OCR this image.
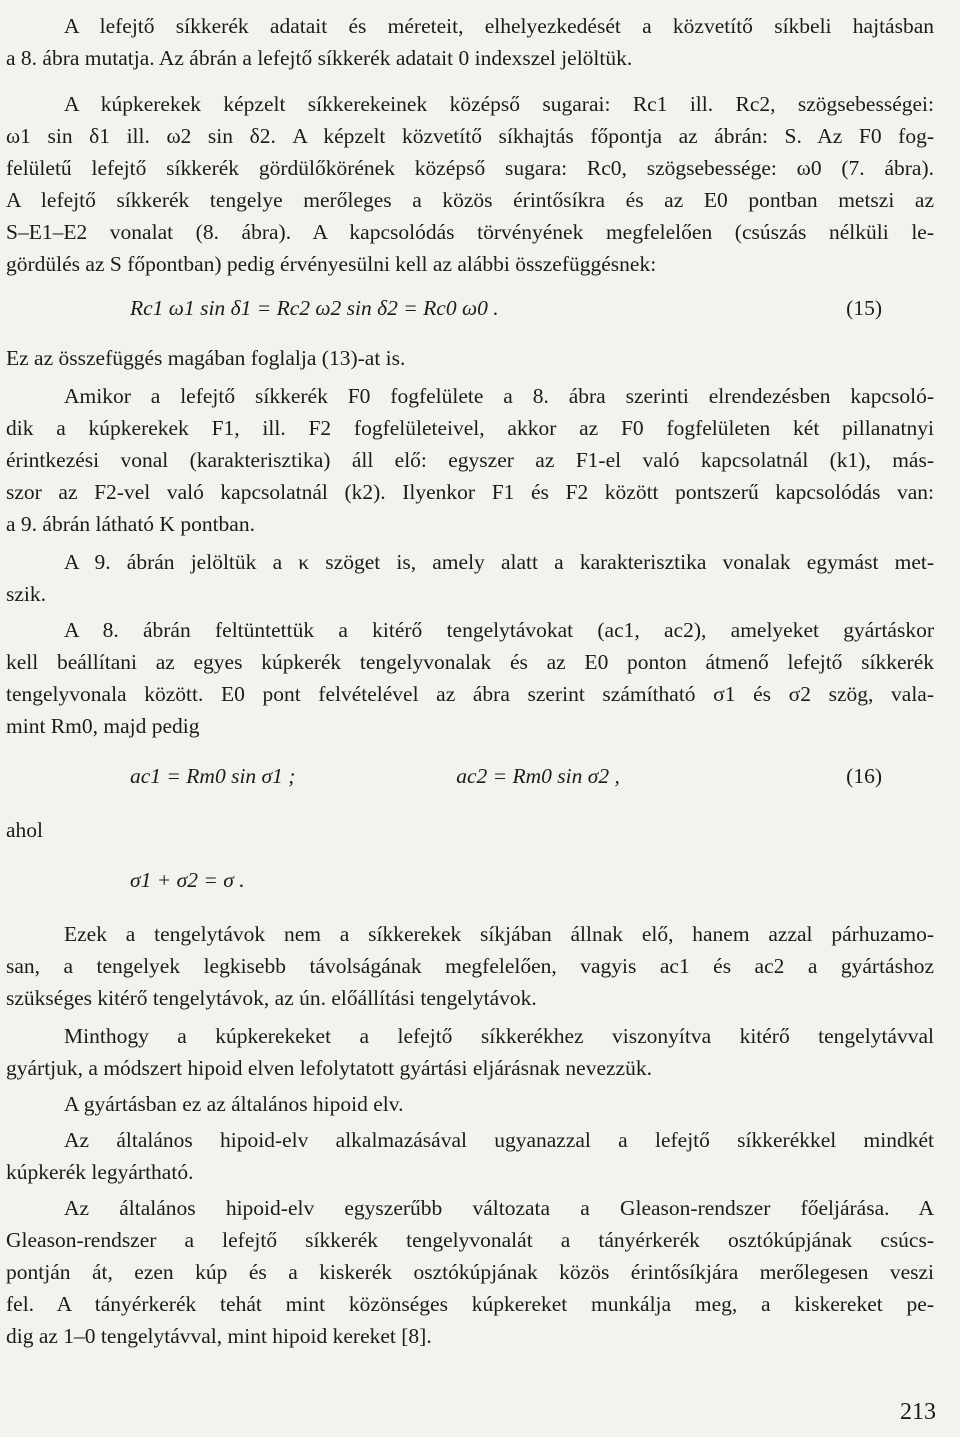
A lefejtő síkkerék adatait és méreteit, elhelyezkedését a közvetítő síkbeli hajtásban
a 8. ábra mutatja. Az ábrán a lefejtő síkkerék adatait 0 indexszel jelöltük.
A kúpkerekek képzelt síkkerekeinek középső sugarai: Rc1 ill. Rc2, szögsebességei:
ω1 sin δ1 ill. ω2 sin δ2. A képzelt közvetítő síkhajtás főpontja az ábrán: S. Az F0 fog-
felületű lefejtő síkkerék gördülőkörének középső sugara: Rc0, szögsebessége: ω0 (7. ábra).
A lefejtő síkkerék tengelye merőleges a közös érintősíkra és az E0 pontban metszi az
S–E1–E2 vonalat (8. ábra). A kapcsolódás törvényének megfelelően (csúszás nélküli le-
gördülés az S főpontban) pedig érvényesülni kell az alábbi összefüggésnek:
Rc1 ω1 sin δ1 = Rc2 ω2 sin δ2 = Rc0 ω0 .	(15)
Ez az összefüggés magában foglalja (13)-at is.
Amikor a lefejtő síkkerék F0 fogfelülete a 8. ábra szerinti elrendezésben kapcsoló-
dik a kúpkerekek F1, ill. F2 fogfelületeivel, akkor az F0 fogfelületen két pillanatnyi
érintkezési vonal (karakterisztika) áll elő: egyszer az F1-el való kapcsolatnál (k1), más-
szor az F2-vel való kapcsolatnál (k2). Ilyenkor F1 és F2 között pontszerű kapcsolódás van:
a 9. ábrán látható K pontban.
A 9. ábrán jelöltük a κ szöget is, amely alatt a karakterisztika vonalak egymást met-
szik.
A 8. ábrán feltüntettük a kitérő tengelytávokat (ac1, ac2), amelyeket gyártáskor
kell beállítani az egyes kúpkerék tengelyvonalak és az E0 ponton átmenő lefejtő síkkerék
tengelyvonala között. E0 pont felvételével az ábra szerint számítható σ1 és σ2 szög, vala-
mint Rm0, majd pedig
ac1 = Rm0 sin σ1 ;	ac2 = Rm0 sin σ2 ,	(16)
ahol
σ1 + σ2 = σ .
Ezek a tengelytávok nem a síkkerekek síkjában állnak elő, hanem azzal párhuzamo-
san, a tengelyek legkisebb távolságának megfelelően, vagyis ac1 és ac2 a gyártáshoz
szükséges kitérő tengelytávok, az ún. előállítási tengelytávok.
Minthogy a kúpkerekeket a lefejtő síkkerékhez viszonyítva kitérő tengelytávval
gyártjuk, a módszert hipoid elven lefolytatott gyártási eljárásnak nevezzük.
A gyártásban ez az általános hipoid elv.
Az általános hipoid-elv alkalmazásával ugyanazzal a lefejtő síkkerékkel mindkét
kúpkerék legyártható.
Az általános hipoid-elv egyszerűbb változata a Gleason-rendszer főeljárása. A
Gleason-rendszer a lefejtő síkkerék tengelyvonalát a tányérkerék osztókúpjának csúcs-
pontján át, ezen kúp és a kiskerék osztókúpjának közös érintősíkjára merőlegesen veszi
fel. A tányérkerék tehát mint közönséges kúpkereket munkálja meg, a kiskereket pe-
dig az 1–0 tengelytávval, mint hipoid kereket [8].
213
